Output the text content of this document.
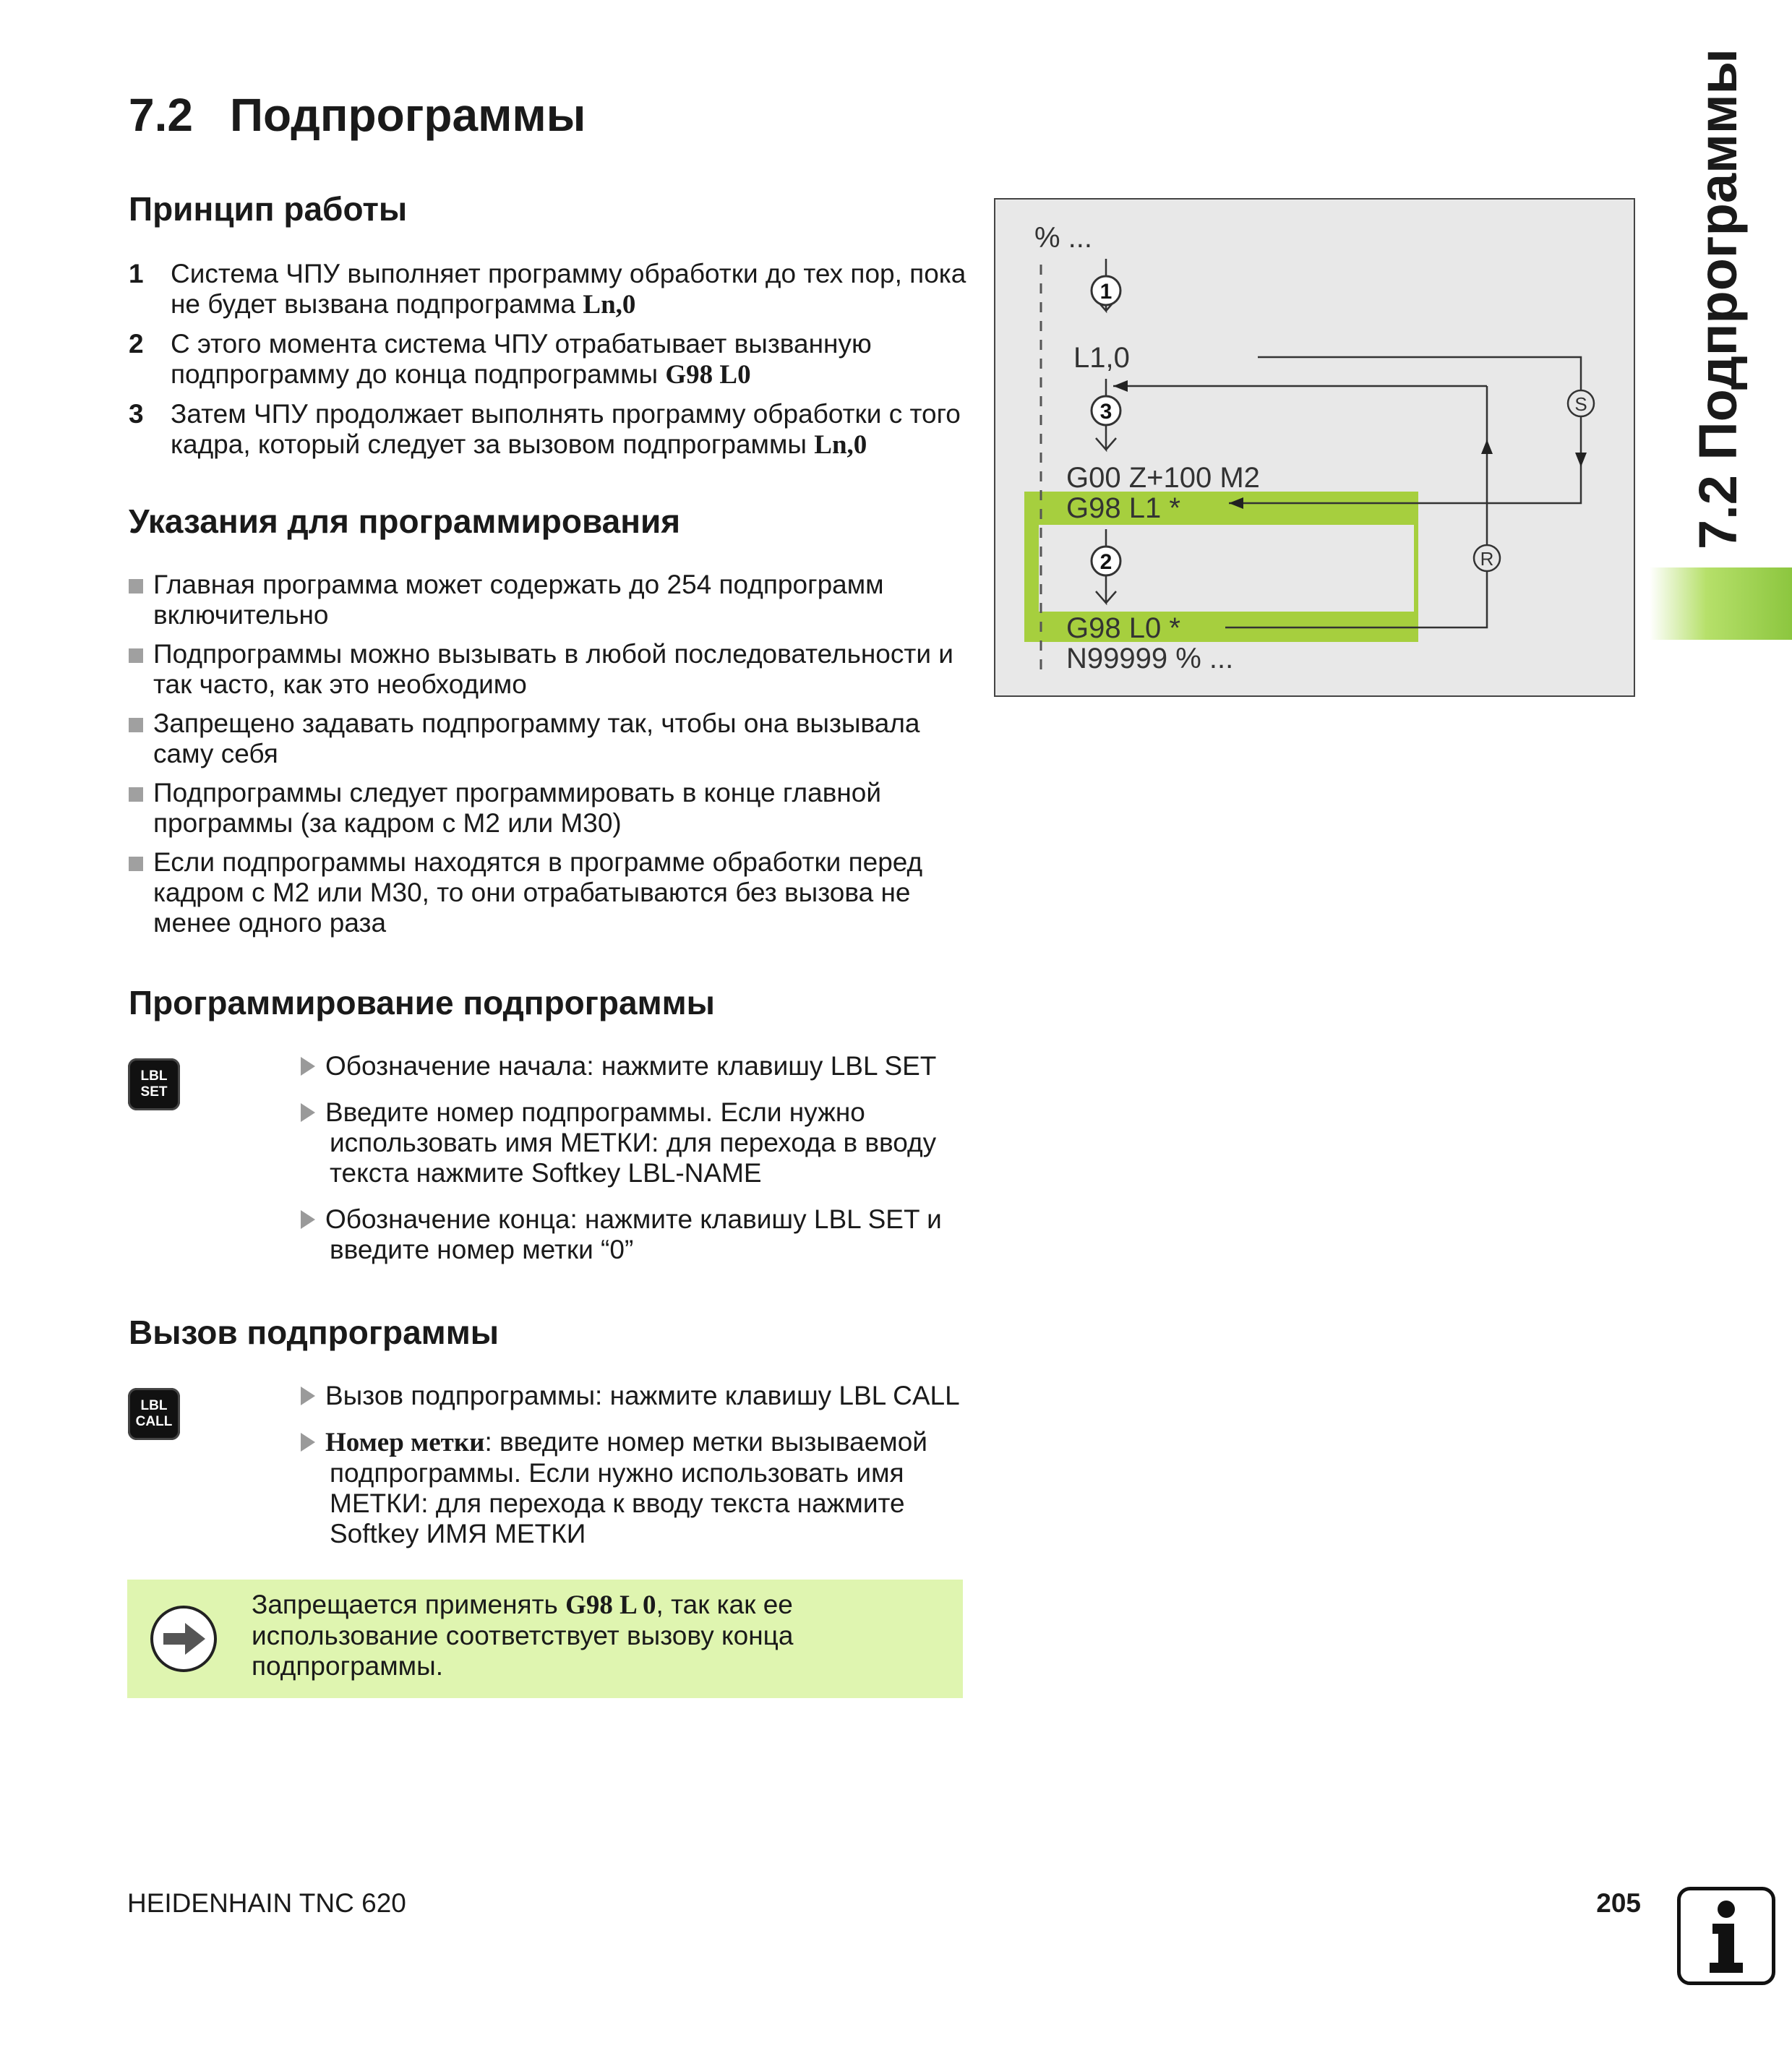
7.2 Подпрограммы
Принцип работы
1 Система ЧПУ выполняет программу обработки до тех пор, пока не будет вызвана подпрограмма Ln,0
2 С этого момента система ЧПУ отрабатывает вызванную подпрограмму до конца подпрограммы G98 L0
3 Затем ЧПУ продолжает выполнять программу обработки с того кадра, который следует за вызовом подпрограммы Ln,0
Указания для программирования
Главная программа может содержать до 254 подпрограмм включительно
Подпрограммы можно вызывать в любой последовательности и так часто, как это необходимо
Запрещено задавать подпрограмму так, чтобы она вызывала саму себя
Подпрограммы следует программировать в конце главной программы (за кадром с M2 или M30)
Если подпрограммы находятся в программе обработки перед кадром с M2 или M30, то они отрабатываются без вызова не менее одного раза
Программирование подпрограммы
LBL
SET
Обозначение начала: нажмите клавишу LBL SET
Введите номер подпрограммы. Если нужно
использовать имя МЕТКИ: для перехода в вводу текста нажмите Softkey LBL-NAME
Обозначение конца: нажмите клавишу LBL SET и
введите номер метки “0”
Вызов подпрограммы
LBL
CALL
Вызов подпрограммы: нажмите клавишу LBL CALL
Номер метки: введите номер метки вызываемой
подпрограммы. Если нужно использовать имя МЕТКИ: для перехода к вводу текста нажмите Softkey ИМЯ МЕТКИ
Запрещается применять G98 L 0, так как ее использование соответствует вызову конца подпрограммы.
1
3
2
S
R
% ...
L1,0
G00 Z+100 M2
G98 L1 *
G98 L0 *
N99999 % ...
7.2 Подпрограммы
HEIDENHAIN TNC 620	205
